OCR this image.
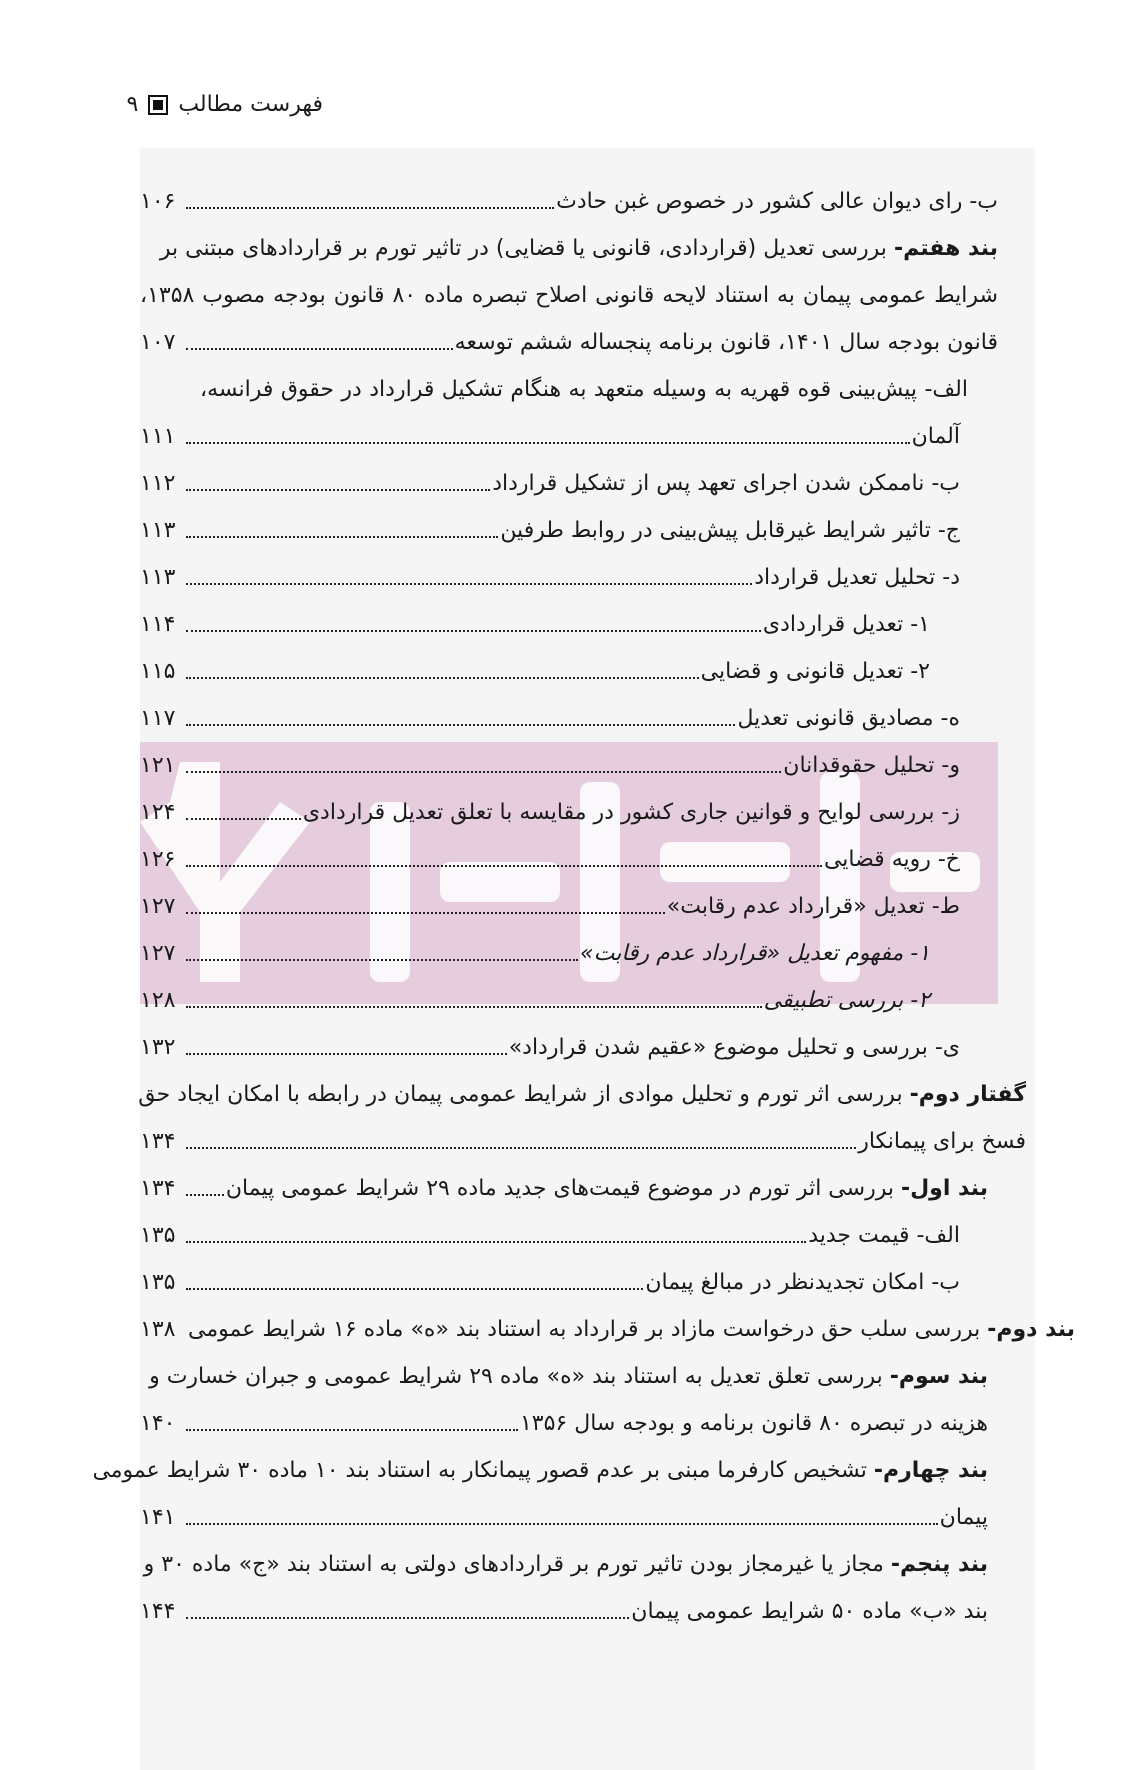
۹ فهرست مطالب
۱۰۶	ب- رای دیوان عالی کشور در خصوص غبن حادث
بند هفتم- بررسی تعدیل (قراردادی، قانونی یا قضایی) در تاثیر تورم بر قراردادهای مبتنی بر
شرایط عمومی پیمان به استناد لایحه قانونی اصلاح تبصره ماده ۸۰ قانون بودجه مصوب ۱۳۵۸،
۱۰۷	قانون بودجه سال ۱۴۰۱، قانون برنامه پنجساله ششم توسعه
الف- پیش‌بینی قوه قهریه به وسیله متعهد به هنگام تشکیل قرارداد در حقوق فرانسه،
۱۱۱	آلمان
۱۱۲	ب- ناممکن شدن اجرای تعهد پس از تشکیل قرارداد
۱۱۳	ج- تاثیر شرایط غیرقابل پیش‌بینی در روابط طرفین
۱۱۳	د- تحلیل تعدیل قرارداد
۱۱۴	۱- تعدیل قراردادی
۱۱۵	۲- تعدیل قانونی و قضایی
۱۱۷	ه- مصادیق قانونی تعدیل
۱۲۱	و- تحلیل حقوقدانان
۱۲۴	ز- بررسی لوایح و قوانین جاری کشور در مقایسه با تعلق تعدیل قراردادی
۱۲۶	خ- رویه قضایی
۱۲۷	ط- تعدیل «قرارداد عدم رقابت»
۱۲۷	۱- مفهوم تعدیل «قرارداد عدم رقابت»
۱۲۸	۲- بررسی تطبیقی
۱۳۲	ی- بررسی و تحلیل موضوع «عقیم شدن قرارداد»
گفتار دوم- بررسی اثر تورم و تحلیل موادی از شرایط عمومی پیمان در رابطه با امکان ایجاد حق
۱۳۴	فسخ برای پیمانکار
۱۳۴	بند اول- بررسی اثر تورم در موضوع قیمت‌های جدید ماده ۲۹ شرایط عمومی پیمان
۱۳۵	الف- قیمت جدید
۱۳۵	ب- امکان تجدیدنظر در مبالغ پیمان
۱۳۸	بند دوم- بررسی سلب حق درخواست مازاد بر قرارداد به استناد بند «ه» ماده ۱۶ شرایط عمومی
بند سوم- بررسی تعلق تعدیل به استناد بند «ه» ماده ۲۹ شرایط عمومی و جبران خسارت و
۱۴۰	هزینه در تبصره ۸۰ قانون برنامه و بودجه سال ۱۳۵۶
بند چهارم- تشخیص کارفرما مبنی بر عدم قصور پیمانکار به استناد بند ۱۰ ماده ۳۰ شرایط عمومی
۱۴۱	پیمان
بند پنجم- مجاز یا غیرمجاز بودن تاثیر تورم بر قراردادهای دولتی به استناد بند «ج» ماده ۳۰ و
۱۴۴	بند «ب» ماده ۵۰ شرایط عمومی پیمان
